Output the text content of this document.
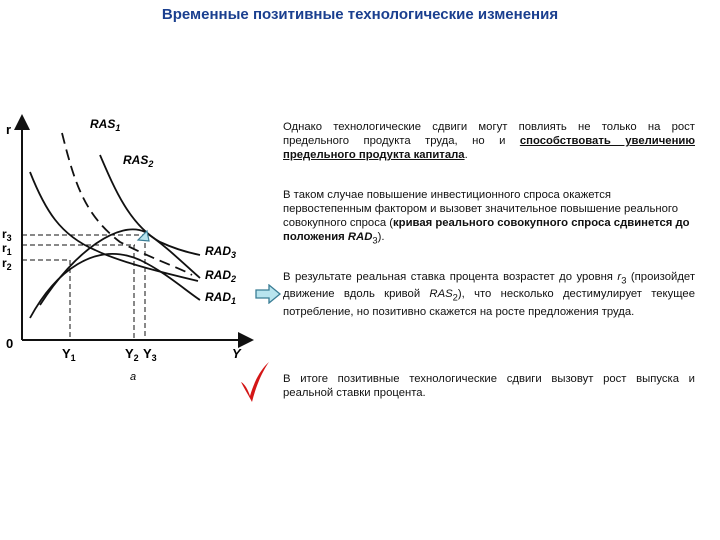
Временные позитивные технологические изменения
r
Y
0
$r_3$
$r_1$
$r_2$
$Y_1$	$Y_2$ $Y_3$
$RAS_1$
$RAS_2$
$RAD_3$
$RAD_2$
$RAD_1$
a
Однако технологические сдвиги могут повлиять не только на рост предельного продукта труда, но и способствовать увеличению предельного продукта капитала.
В таком случае повышение инвестиционного спроса окажется первостепенным фактором и вызовет значительное повышение реального совокупного спроса (кривая реального совокупного спроса сдвинется до положения $RAD_3$).
В результате реальная ставка процента возрастет до уровня $r_3$ (произойдет движение вдоль кривой $RAS_2$), что несколько дестимулирует текущее потребление, но позитивно скажется на росте предложения труда.
В итоге позитивные технологические сдвиги вызовут рост выпуска и реальной ставки процента.
